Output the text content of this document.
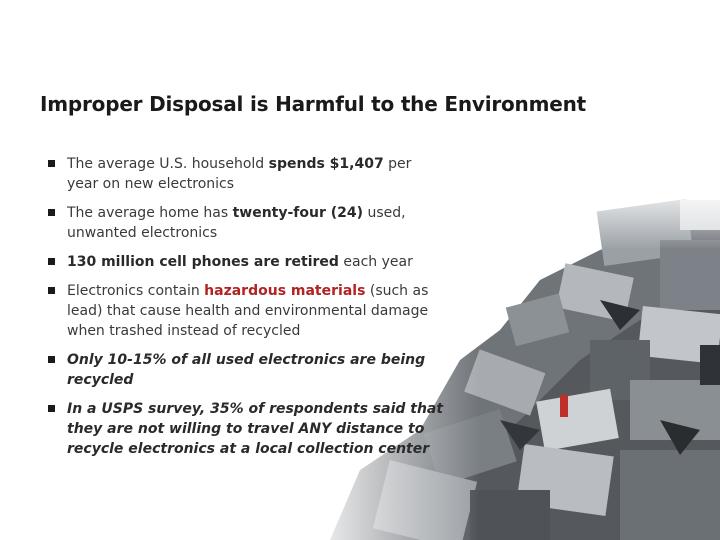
Improper Disposal is Harmful to the Environment
The average U.S. household spends $1,407 per year on new electronics
The average home has twenty-four (24) used, unwanted electronics
130 million cell phones are retired each year
Electronics contain hazardous materials (such as lead) that cause health and environmental damage when trashed instead of recycled
Only 10-15% of all used electronics are being recycled
In a USPS survey, 35% of respondents said that they are not willing to travel ANY distance to recycle electronics at a local collection center
